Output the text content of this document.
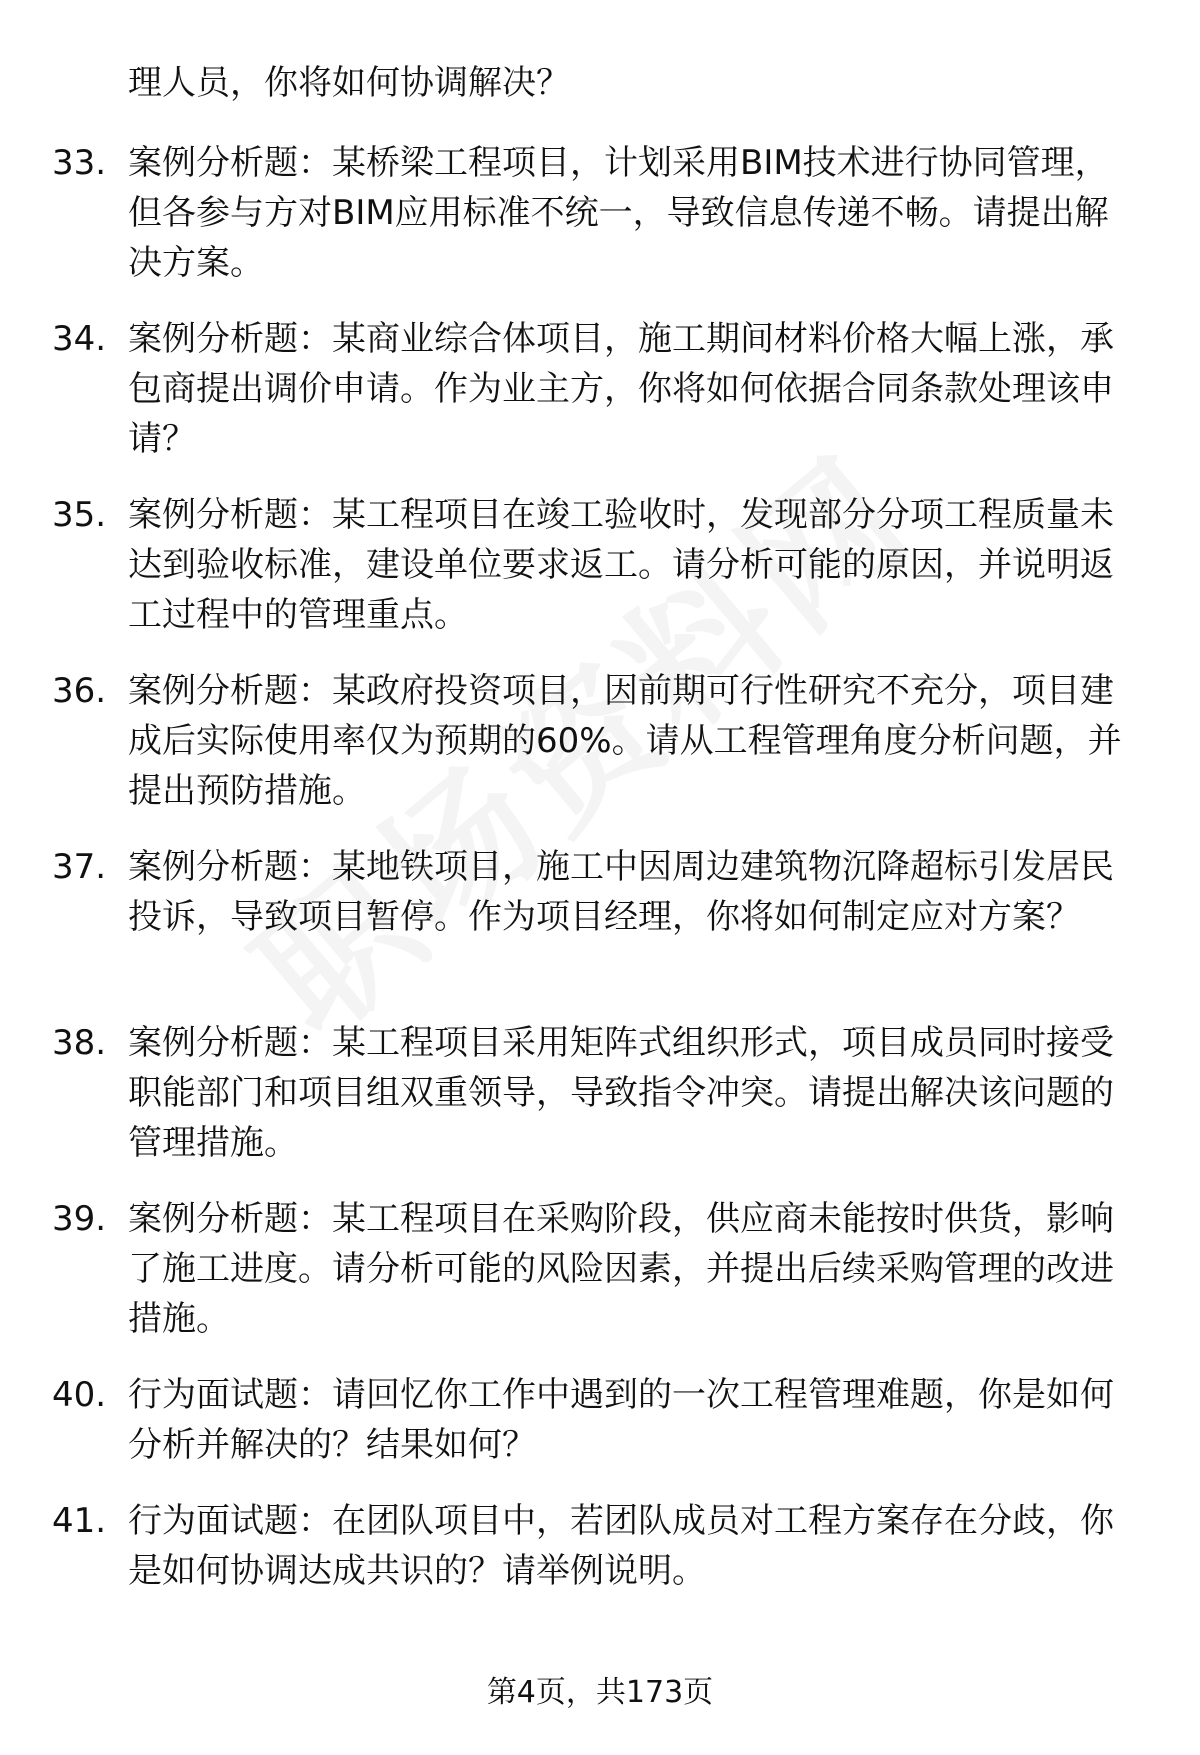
理人员，你将如何协调解决？
33. 案例分析题：某桥梁工程项目，计划采用BIM技术进行协同管理，但各参与方对BIM应用标准不统一，导致信息传递不畅。请提出解决方案。
34. 案例分析题：某商业综合体项目，施工期间材料价格大幅上涨，承包商提出调价申请。作为业主方，你将如何依据合同条款处理该申请？
35. 案例分析题：某工程项目在竣工验收时，发现部分分项工程质量未达到验收标准，建设单位要求返工。请分析可能的原因，并说明返工过程中的管理重点。
36. 案例分析题：某政府投资项目，因前期可行性研究不充分，项目建成后实际使用率仅为预期的60%。请从工程管理角度分析问题，并提出预防措施。
37. 案例分析题：某地铁项目，施工中因周边建筑物沉降超标引发居民投诉，导致项目暂停。作为项目经理，你将如何制定应对方案？
38. 案例分析题：某工程项目采用矩阵式组织形式，项目成员同时接受职能部门和项目组双重领导，导致指令冲突。请提出解决该问题的管理措施。
39. 案例分析题：某工程项目在采购阶段，供应商未能按时供货，影响了施工进度。请分析可能的风险因素，并提出后续采购管理的改进措施。
40. 行为面试题：请回忆你工作中遇到的一次工程管理难题，你是如何分析并解决的？结果如何？
41. 行为面试题：在团队项目中，若团队成员对工程方案存在分歧，你是如何协调达成共识的？请举例说明。
第4页，共173页
